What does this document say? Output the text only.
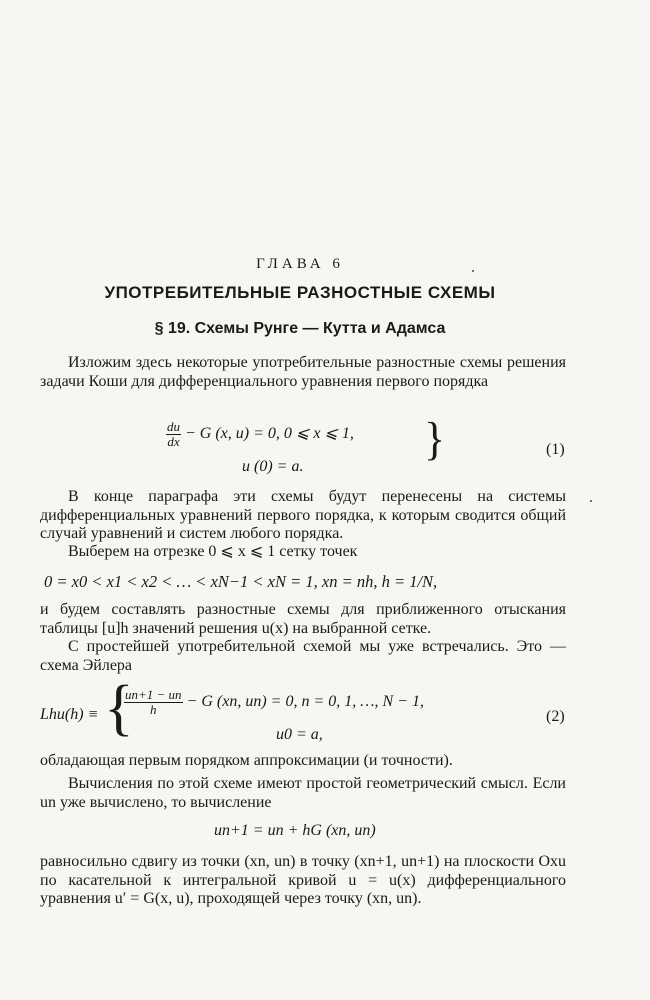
ГЛАВА 6
УПОТРЕБИТЕЛЬНЫЕ РАЗНОСТНЫЕ СХЕМЫ
§ 19. Схемы Рунге — Кутта и Адамса
Изложим здесь некоторые употребительные разностные схемы решения задачи Коши для дифференциального уравнения первого порядка
$\frac{du}{dx} - G$ (x, u) = 0, 0 ⩽ x ⩽ 1,
u (0) = a.
}	(1)
В конце параграфа эти схемы будут перенесены на системы дифференциальных уравнений первого порядка, к которым сводится общий случай уравнений и систем любого порядка.
Выберем на отрезке 0 ⩽ x ⩽ 1 сетку точек
0 = x0 < x1 < x2 < … < xN−1 < xN = 1, xn = nh, h = 1/N,
и будем составлять разностные схемы для приближенного отыскания таблицы [u]h значений решения u(x) на выбранной сетке.
С простейшей употребительной схемой мы уже встречались. Это — схема Эйлера
Lhu(h) ≡ {
$\frac{un+1 - un}{h} - G$ (xn, un) = 0, n = 0, 1, …, N − 1,
u0 = a,
(2)
обладающая первым порядком аппроксимации (и точности).
Вычисления по этой схеме имеют простой геометрический смысл. Если un уже вычислено, то вычисление
un+1 = un + hG (xn, un)
равносильно сдвигу из точки (xn, un) в точку (xn+1, un+1) на плоскости Oxu по касательной к интегральной кривой u = u(x) дифференциального уравнения u′ = G(x, u), проходящей через точку (xn, un).
